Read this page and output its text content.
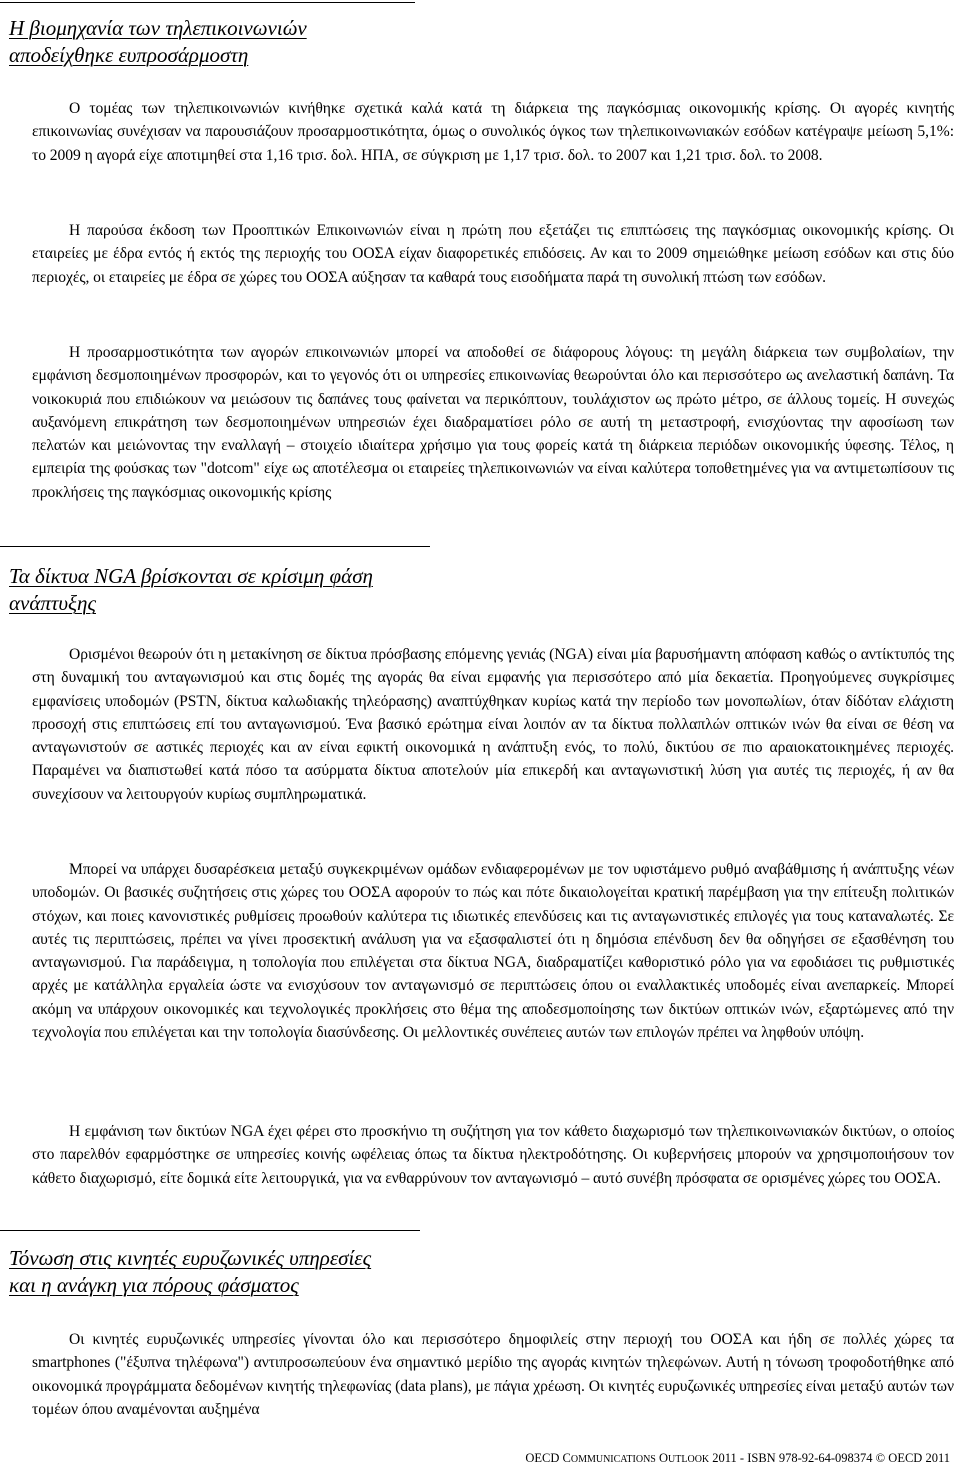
Η βιομηχανία των τηλεπικοινωνιών
αποδείχθηκε ευπροσάρμοστη

Ο τομέας των τηλεπικοινωνιών κινήθηκε σχετικά καλά κατά τη διάρκεια της παγκόσμιας οικονομικής κρίσης. Οι αγορές κινητής επικοινωνίας συνέχισαν να παρουσιάζουν προσαρμοστικότητα, όμως ο συνολικός όγκος των τηλεπικοινωνιακών εσόδων κατέγραψε μείωση 5,1%: το 2009 η αγορά είχε αποτιμηθεί στα 1,16 τρισ. δολ. ΗΠΑ, σε σύγκριση με 1,17 τρισ. δολ. το 2007 και 1,21 τρισ. δολ. το 2008.

Η παρούσα έκδοση των Προοπτικών Επικοινωνιών είναι η πρώτη που εξετάζει τις επιπτώσεις της παγκόσμιας οικονομικής κρίσης. Οι εταιρείες με έδρα εντός ή εκτός της περιοχής του ΟΟΣΑ είχαν διαφορετικές επιδόσεις. Αν και το 2009 σημειώθηκε μείωση εσόδων και στις δύο περιοχές, οι εταιρείες με έδρα σε χώρες του ΟΟΣΑ αύξησαν τα καθαρά τους εισοδήματα παρά τη συνολική πτώση των εσόδων.

Η προσαρμοστικότητα των αγορών επικοινωνιών μπορεί να αποδοθεί σε διάφορους λόγους: τη μεγάλη διάρκεια των συμβολαίων, την εμφάνιση δεσμοποιημένων προσφορών, και το γεγονός ότι οι υπηρεσίες επικοινωνίας θεωρούνται όλο και περισσότερο ως ανελαστική δαπάνη. Τα νοικοκυριά που επιδιώκουν να μειώσουν τις δαπάνες τους φαίνεται να περικόπτουν, τουλάχιστον ως πρώτο μέτρο, σε άλλους τομείς. Η συνεχώς αυξανόμενη επικράτηση των δεσμοποιημένων υπηρεσιών έχει διαδραματίσει ρόλο σε αυτή τη μεταστροφή, ενισχύοντας την αφοσίωση των πελατών και μειώνοντας την εναλλαγή – στοιχείο ιδιαίτερα χρήσιμο για τους φορείς κατά τη διάρκεια περιόδων οικονομικής ύφεσης. Τέλος, η εμπειρία της φούσκας των "dotcom" είχε ως αποτέλεσμα οι εταιρείες τηλεπικοινωνιών να είναι καλύτερα τοποθετημένες για να αντιμετωπίσουν τις προκλήσεις της παγκόσμιας οικονομικής κρίσης

Τα δίκτυα NGA βρίσκονται σε κρίσιμη φάση
ανάπτυξης

Ορισμένοι θεωρούν ότι η μετακίνηση σε δίκτυα πρόσβασης επόμενης γενιάς (NGA) είναι μία βαρυσήμαντη απόφαση καθώς ο αντίκτυπός της στη δυναμική του ανταγωνισμού και στις δομές της αγοράς θα είναι εμφανής για περισσότερο από μία δεκαετία. Προηγούμενες συγκρίσιμες εμφανίσεις υποδομών (PSTN, δίκτυα καλωδιακής τηλεόρασης) αναπτύχθηκαν κυρίως κατά την περίοδο των μονοπωλίων, όταν δίδόταν ελάχιστη προσοχή στις επιπτώσεις επί του ανταγωνισμού. Ένα βασικό ερώτημα είναι λοιπόν αν τα δίκτυα πολλαπλών οπτικών ινών θα είναι σε θέση να ανταγωνιστούν σε αστικές περιοχές και αν είναι εφικτή οικονομικά η ανάπτυξη ενός, το πολύ, δικτύου σε πιο αραιοκατοικημένες περιοχές. Παραμένει να διαπιστωθεί κατά πόσο τα ασύρματα δίκτυα αποτελούν μία επικερδή και ανταγωνιστική λύση για αυτές τις περιοχές, ή αν θα συνεχίσουν να λειτουργούν κυρίως συμπληρωματικά.

Μπορεί να υπάρχει δυσαρέσκεια μεταξύ συγκεκριμένων ομάδων ενδιαφερομένων με τον υφιστάμενο ρυθμό αναβάθμισης ή ανάπτυξης νέων υποδομών. Οι βασικές συζητήσεις στις χώρες του ΟΟΣΑ αφορούν το πώς και πότε δικαιολογείται κρατική παρέμβαση για την επίτευξη πολιτικών στόχων, και ποιες κανονιστικές ρυθμίσεις προωθούν καλύτερα τις ιδιωτικές επενδύσεις και τις ανταγωνιστικές επιλογές για τους καταναλωτές. Σε αυτές τις περιπτώσεις, πρέπει να γίνει προσεκτική ανάλυση για να εξασφαλιστεί ότι η δημόσια επένδυση δεν θα οδηγήσει σε εξασθένηση του ανταγωνισμού. Για παράδειγμα, η τοπολογία που επιλέγεται στα δίκτυα NGA, διαδραματίζει καθοριστικό ρόλο για να εφοδιάσει τις ρυθμιστικές αρχές με κατάλληλα εργαλεία ώστε να ενισχύσουν τον ανταγωνισμό σε περιπτώσεις όπου οι εναλλακτικές υποδομές είναι ανεπαρκείς. Μπορεί ακόμη να υπάρχουν οικονομικές και τεχνολογικές προκλήσεις στο θέμα της αποδεσμοποίησης των δικτύων οπτικών ινών, εξαρτώμενες από την τεχνολογία που επιλέγεται και την τοπολογία διασύνδεσης. Οι μελλοντικές συνέπειες αυτών των επιλογών πρέπει να ληφθούν υπόψη.

Η εμφάνιση των δικτύων NGA έχει φέρει στο προσκήνιο τη συζήτηση για τον κάθετο διαχωρισμό των τηλεπικοινωνιακών δικτύων, ο οποίος στο παρελθόν εφαρμόστηκε σε υπηρεσίες κοινής ωφέλειας όπως τα δίκτυα ηλεκτροδότησης. Οι κυβερνήσεις μπορούν να χρησιμοποιήσουν τον κάθετο διαχωρισμό, είτε δομικά είτε λειτουργικά, για να ενθαρρύνουν τον ανταγωνισμό – αυτό συνέβη πρόσφατα σε ορισμένες χώρες του ΟΟΣΑ.

Τόνωση στις κινητές ευρυζωνικές υπηρεσίες
και η ανάγκη για πόρους φάσματος

Οι κινητές ευρυζωνικές υπηρεσίες γίνονται όλο και περισσότερο δημοφιλείς στην περιοχή του ΟΟΣΑ και ήδη σε πολλές χώρες τα smartphones ("έξυπνα τηλέφωνα") αντιπροσωπεύουν ένα σημαντικό μερίδιο της αγοράς κινητών τηλεφώνων. Αυτή η τόνωση τροφοδοτήθηκε από οικονομικά προγράμματα δεδομένων κινητής τηλεφωνίας (data plans), με πάγια χρέωση. Οι κινητές ευρυζωνικές υπηρεσίες είναι μεταξύ αυτών των τομέων όπου αναμένονται αυξημένα

OECD COMMUNICATIONS OUTLOOK 2011 - ISBN 978-92-64-098374 © OECD 2011
